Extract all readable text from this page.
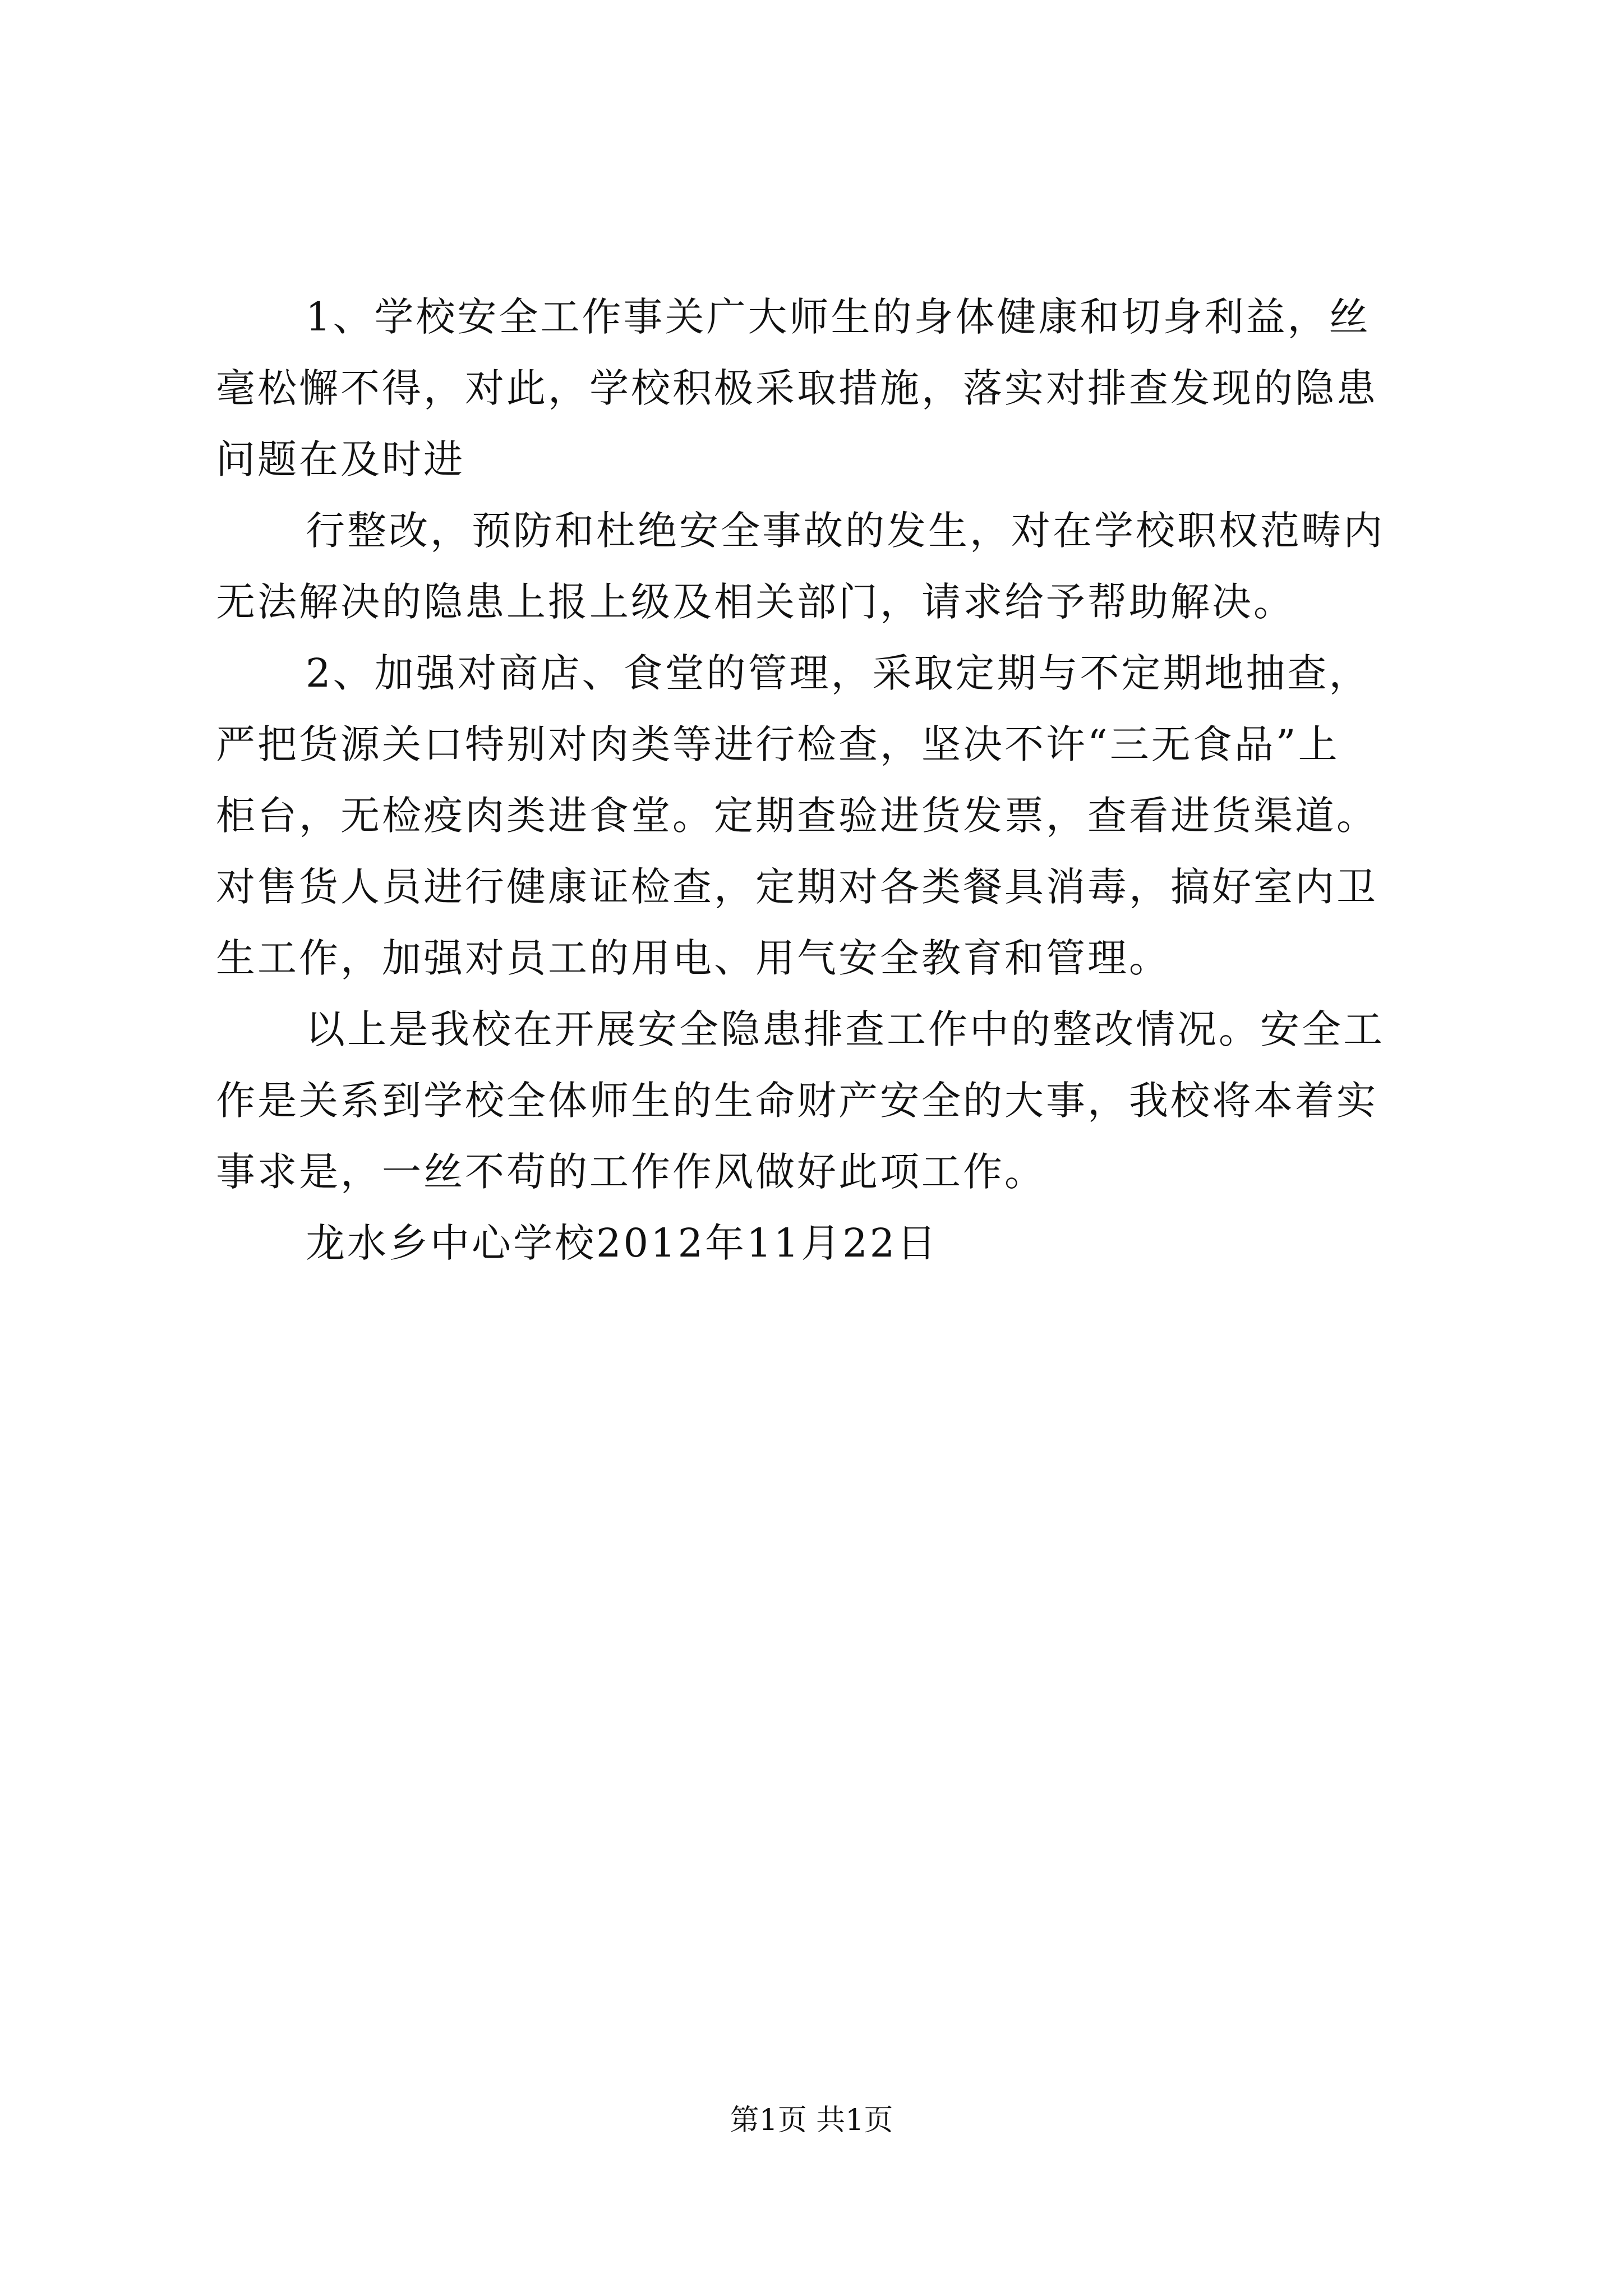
1、学校安全工作事关广大师生的身体健康和切身利益，丝
毫松懈不得，对此，学校积极采取措施，落实对排查发现的隐患
问题在及时进
行整改，预防和杜绝安全事故的发生，对在学校职权范畴内
无法解决的隐患上报上级及相关部门，请求给予帮助解决。
2、加强对商店、食堂的管理，采取定期与不定期地抽查，
严把货源关口特别对肉类等进行检查，坚决不许“三无食品”上
柜台，无检疫肉类进食堂。定期查验进货发票，查看进货渠道。
对售货人员进行健康证检查，定期对各类餐具消毒，搞好室内卫
生工作，加强对员工的用电、用气安全教育和管理。
以上是我校在开展安全隐患排查工作中的整改情况。安全工
作是关系到学校全体师生的生命财产安全的大事，我校将本着实
事求是，一丝不苟的工作作风做好此项工作。
龙水乡中心学校2012年11月22日
第1页 共1页
